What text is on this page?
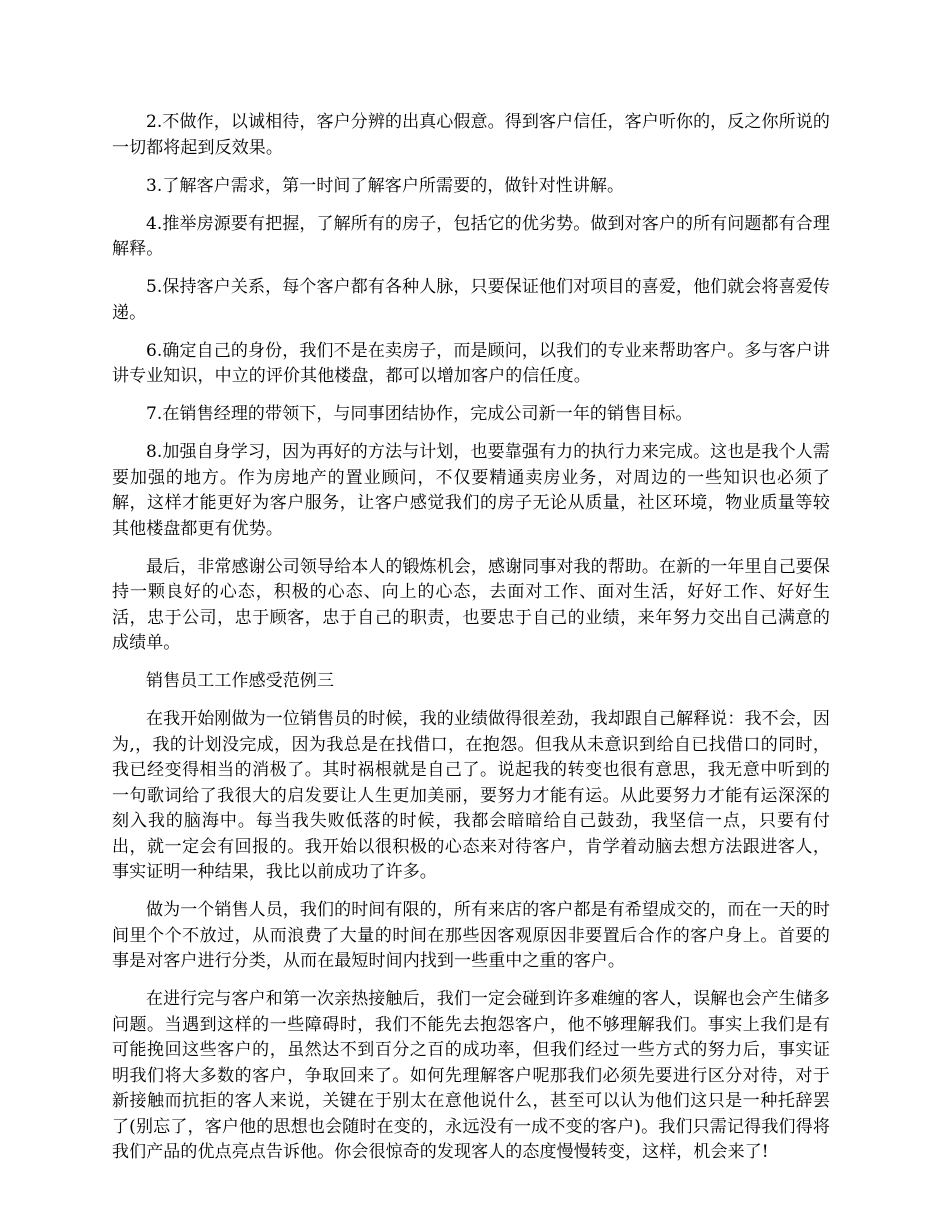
2.不做作，以诚相待，客户分辨的出真心假意。得到客户信任，客户听你的，反之你所说的一切都将起到反效果。

3.了解客户需求，第一时间了解客户所需要的，做针对性讲解。

4.推举房源要有把握，了解所有的房子，包括它的优劣势。做到对客户的所有问题都有合理解释。

5.保持客户关系，每个客户都有各种人脉，只要保证他们对项目的喜爱，他们就会将喜爱传递。

6.确定自己的身份，我们不是在卖房子，而是顾问，以我们的专业来帮助客户。多与客户讲讲专业知识，中立的评价其他楼盘，都可以增加客户的信任度。

7.在销售经理的带领下，与同事团结协作，完成公司新一年的销售目标。

8.加强自身学习，因为再好的方法与计划，也要靠强有力的执行力来完成。这也是我个人需要加强的地方。作为房地产的置业顾问，不仅要精通卖房业务，对周边的一些知识也必须了解，这样才能更好为客户服务，让客户感觉我们的房子无论从质量，社区环境，物业质量等较其他楼盘都更有优势。

最后，非常感谢公司领导给本人的锻炼机会，感谢同事对我的帮助。在新的一年里自己要保持一颗良好的心态，积极的心态、向上的心态，去面对工作、面对生活，好好工作、好好生活，忠于公司，忠于顾客，忠于自己的职责，也要忠于自己的业绩，来年努力交出自己满意的成绩单。

销售员工工作感受范例三

在我开始刚做为一位销售员的时候，我的业绩做得很差劲，我却跟自己解释说：我不会，因为,，我的计划没完成，因为我总是在找借口，在抱怨。但我从未意识到给自已找借口的同时，我已经变得相当的消极了。其时祸根就是自己了。说起我的转变也很有意思，我无意中听到的一句歌词给了我很大的启发要让人生更加美丽，要努力才能有运。从此要努力才能有运深深的刻入我的脑海中。每当我失败低落的时候，我都会暗暗给自己鼓劲，我坚信一点，只要有付出，就一定会有回报的。我开始以很积极的心态来对待客户，肯学着动脑去想方法跟进客人，事实证明一种结果，我比以前成功了许多。

做为一个销售人员，我们的时间有限的，所有来店的客户都是有希望成交的，而在一天的时间里个个不放过，从而浪费了大量的时间在那些因客观原因非要置后合作的客户身上。首要的事是对客户进行分类，从而在最短时间内找到一些重中之重的客户。

在进行完与客户和第一次亲热接触后，我们一定会碰到许多难缠的客人，误解也会产生储多问题。当遇到这样的一些障碍时，我们不能先去抱怨客户，他不够理解我们。事实上我们是有可能挽回这些客户的，虽然达不到百分之百的成功率，但我们经过一些方式的努力后，事实证明我们将大多数的客户，争取回来了。如何先理解客户呢那我们必须先要进行区分对待，对于新接触而抗拒的客人来说，关键在于别太在意他说什么，甚至可以认为他们这只是一种托辞罢了(别忘了，客户他的思想也会随时在变的，永远没有一成不变的客户)。我们只需记得我们得将我们产品的优点亮点告诉他。你会很惊奇的发现客人的态度慢慢转变，这样，机会来了!
